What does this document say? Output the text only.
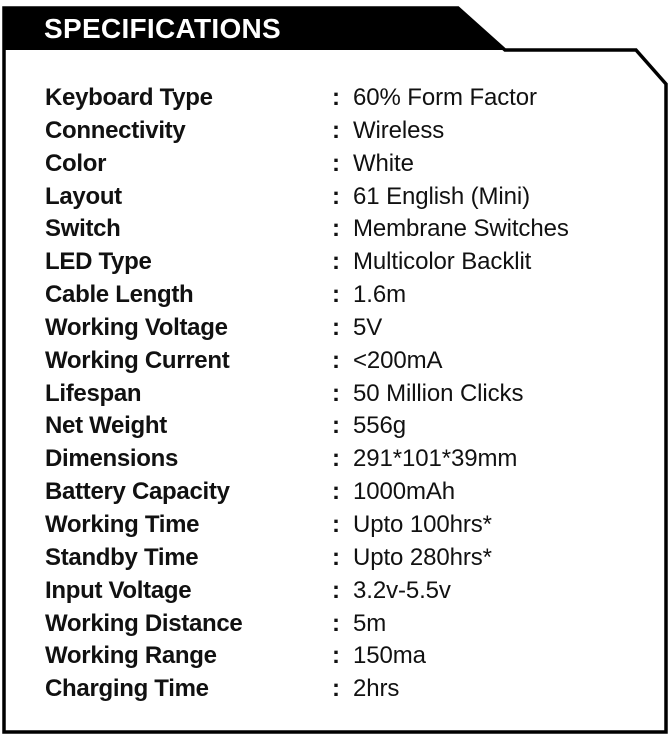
SPECIFICATIONS
Keyboard Type	: 60% Form Factor
Connectivity	: Wireless
Color	: White
Layout	: 61 English (Mini)
Switch	: Membrane Switches
LED Type	: Multicolor Backlit
Cable Length	: 1.6m
Working Voltage	: 5V
Working Current	: <200mA
Lifespan	: 50 Million Clicks
Net Weight	: 556g
Dimensions	: 291*101*39mm
Battery Capacity	: 1000mAh
Working Time	: Upto 100hrs*
Standby Time	: Upto 280hrs*
Input Voltage	: 3.2v-5.5v
Working Distance	: 5m
Working Range	: 150ma
Charging Time	: 2hrs
